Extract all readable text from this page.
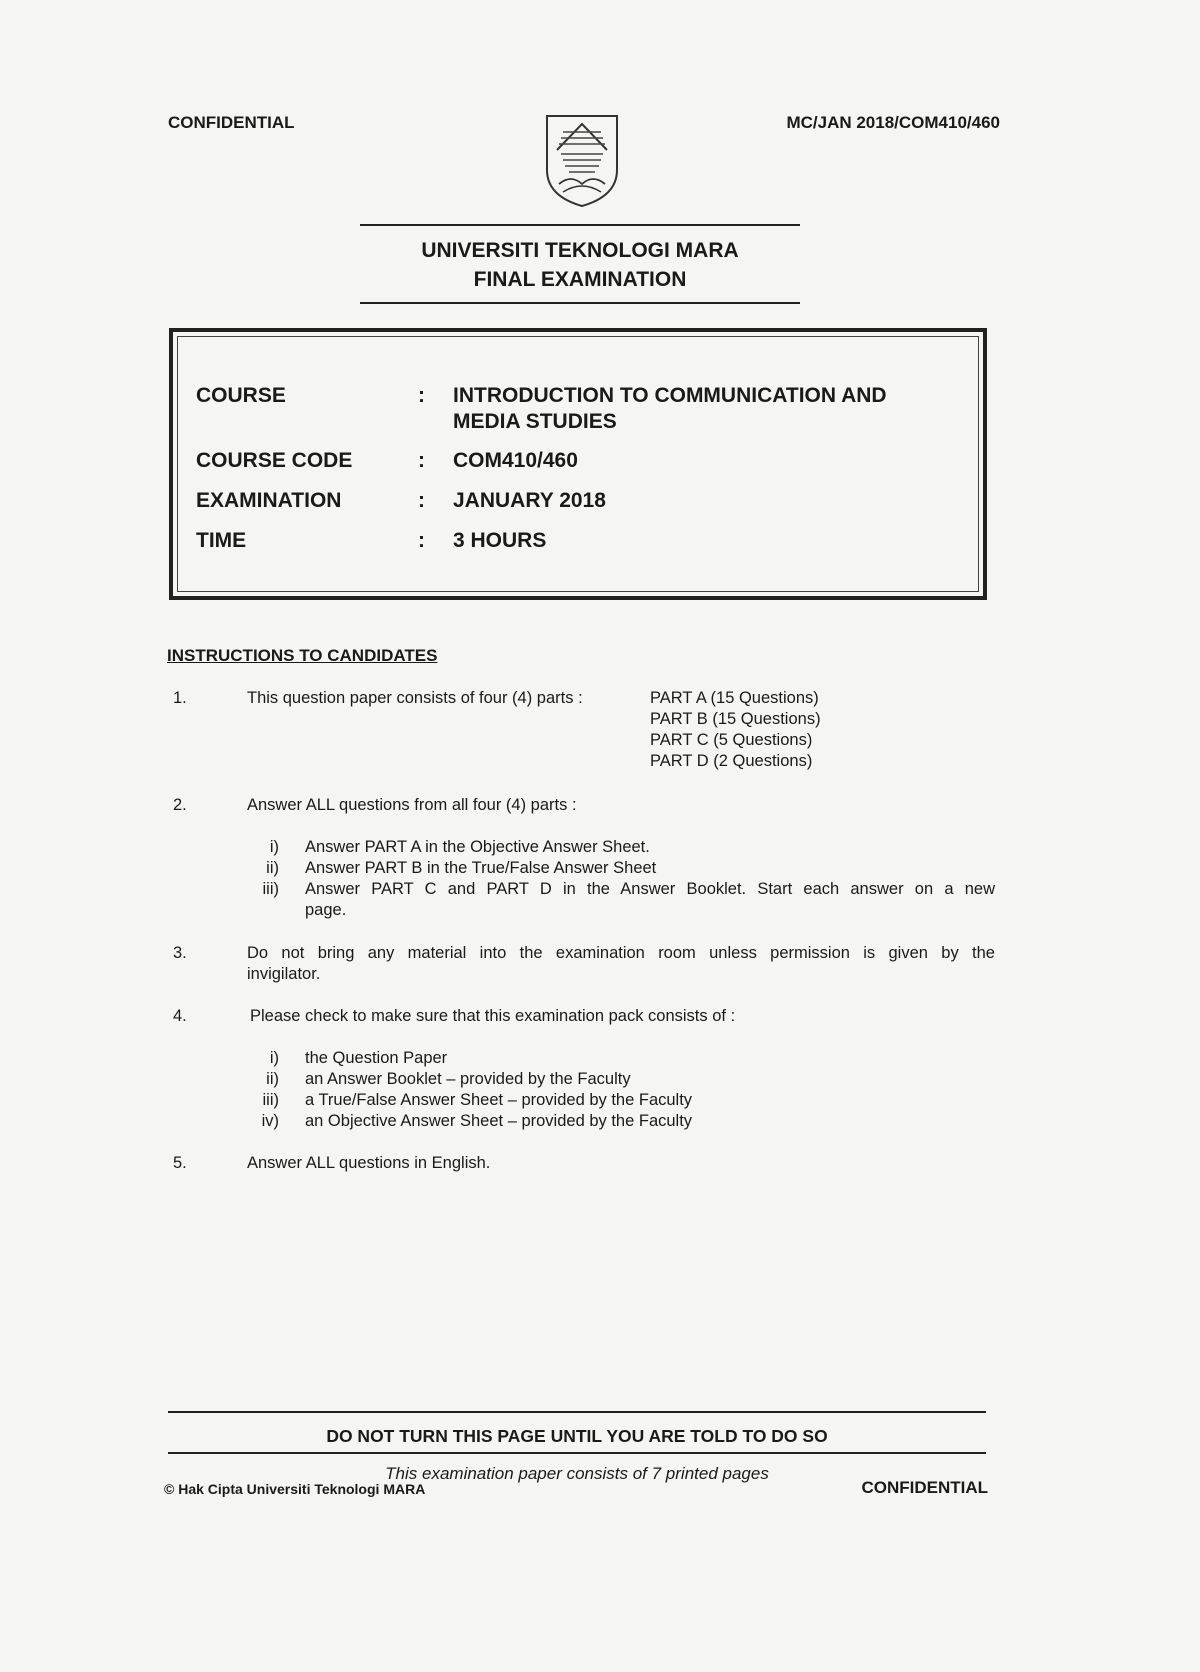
CONFIDENTIAL	MC/JAN 2018/COM410/460
UNIVERSITI TEKNOLOGI MARA
FINAL EXAMINATION
COURSE	: INTRODUCTION TO COMMUNICATION AND
MEDIA STUDIES
COURSE CODE	: COM410/460
EXAMINATION	: JANUARY 2018
TIME	: 3 HOURS
INSTRUCTIONS TO CANDIDATES
1.	This question paper consists of four (4) parts :	PART A (15 Questions)
PART B (15 Questions)
PART C (5 Questions)
PART D (2 Questions)
2.	Answer ALL questions from all four (4) parts :
i) Answer PART A in the Objective Answer Sheet.
ii) Answer PART B in the True/False Answer Sheet
iii) Answer PART C and PART D in the Answer Booklet. Start each answer on a new
page.
3.	Do not bring any material into the examination room unless permission is given by the
invigilator.
4.	Please check to make sure that this examination pack consists of :
i) the Question Paper
ii) an Answer Booklet – provided by the Faculty
iii) a True/False Answer Sheet – provided by the Faculty
iv) an Objective Answer Sheet – provided by the Faculty
5.	Answer ALL questions in English.
DO NOT TURN THIS PAGE UNTIL YOU ARE TOLD TO DO SO
This examination paper consists of 7 printed pages
© Hak Cipta Universiti Teknologi MARA	CONFIDENTIAL
